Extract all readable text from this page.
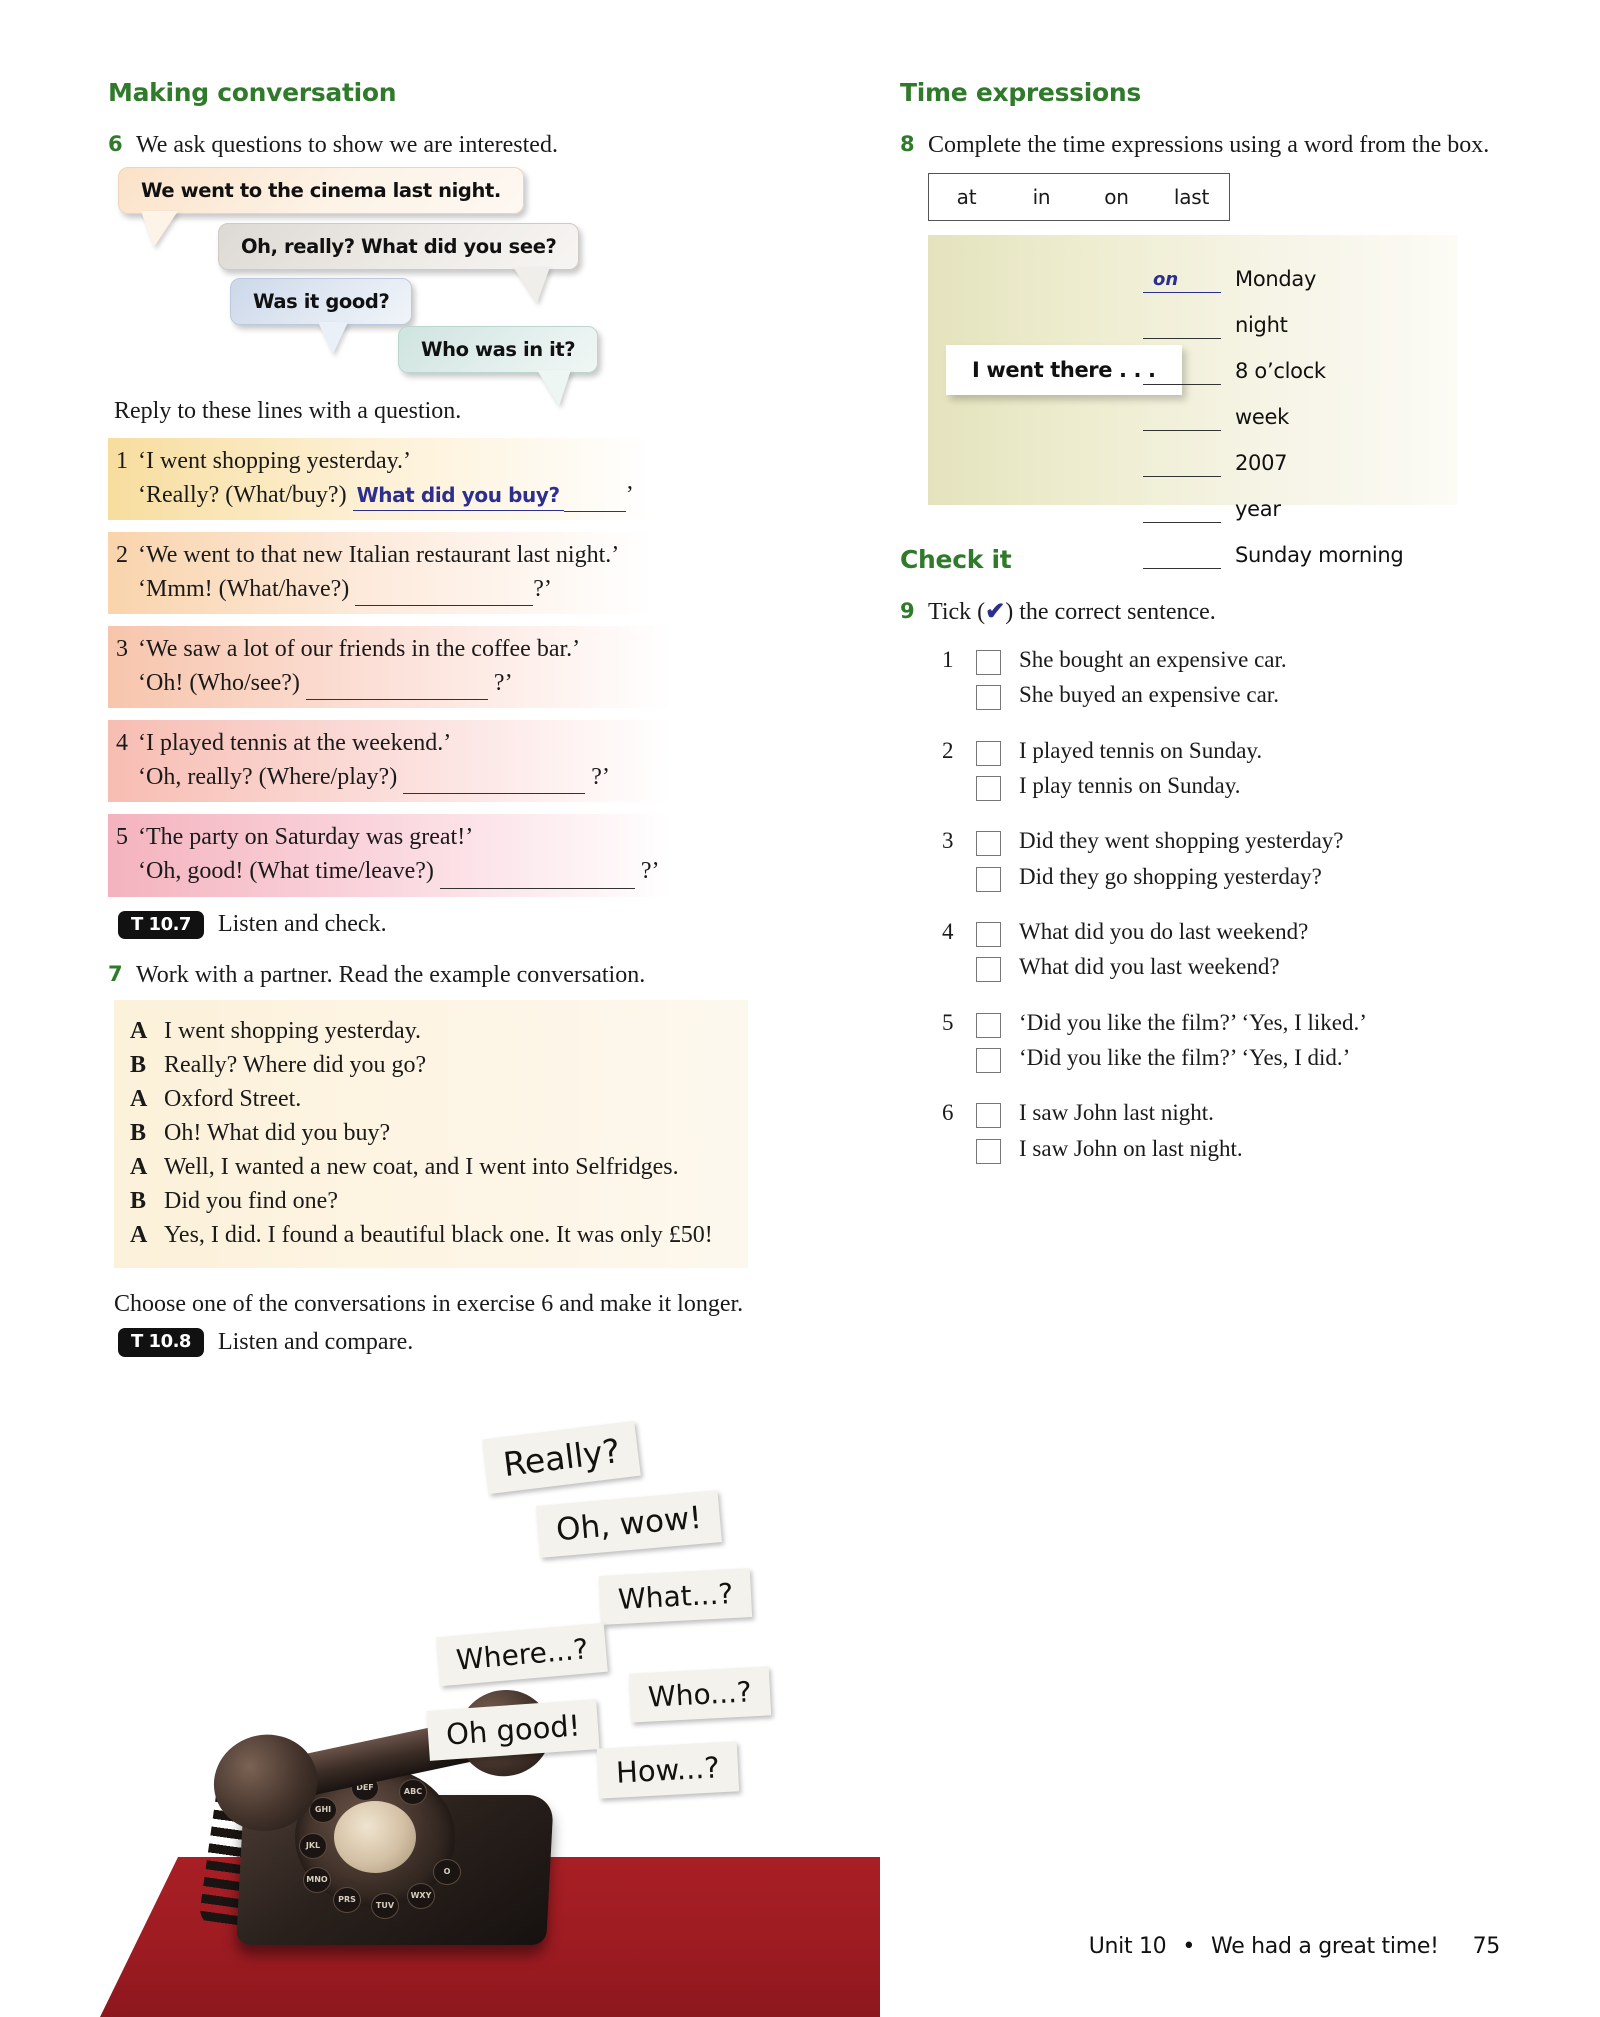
Making conversation
6 We ask questions to show we are interested.
We went to the cinema last night.
Oh, really? What did you see?
Was it good?
Who was in it?
Reply to these lines with a question.
1 ‘I went shopping yesterday.’
‘Really? (What/buy?) What did you buy?	’
2 ‘We went to that new Italian restaurant last night.’
‘Mmm! (What/have?)	?’
3 ‘We saw a lot of our friends in the coffee bar.’
‘Oh! (Who/see?)	?’
4 ‘I played tennis at the weekend.’
‘Oh, really? (Where/play?)	?’
5 ‘The party on Saturday was great!’
‘Oh, good! (What time/leave?)	?’
T 10.7	Listen and check.
7 Work with a partner. Read the example conversation.
A I went shopping yesterday.
B Really? Where did you go?
A Oxford Street.
B Oh! What did you buy?
A Well, I wanted a new coat, and I went into Selfridges.
B Did you find one?
A Yes, I did. I found a beautiful black one. It was only £50!
Choose one of the conversations in exercise 6 and make it longer.
T 10.8	Listen and compare.
Time expressions
8 Complete the time expressions using a word from the box.
at	in	on	last
I went there . . .
on	Monday
night
8 o’clock
week
2007
year
Sunday morning
Check it
9 Tick (✔) the correct sentence.
1	She bought an expensive car.
She buyed an expensive car.
2	I played tennis on Sunday.
I play tennis on Sunday.
3	Did they went shopping yesterday?
Did they go shopping yesterday?
4	What did you do last weekend?
What did you last weekend?
5	‘Did you like the film?’ ‘Yes, I liked.’
‘Did you like the film?’ ‘Yes, I did.’
6	I saw John last night.
I saw John on last night.
GHI
DEF	ABC
JKL
MNO
PRS
TUV
WXY
O
Really?
Oh, wow!
What...?
Where...?
Who...?
Oh good!
How...?
Unit 10 • We had a great time! 75
